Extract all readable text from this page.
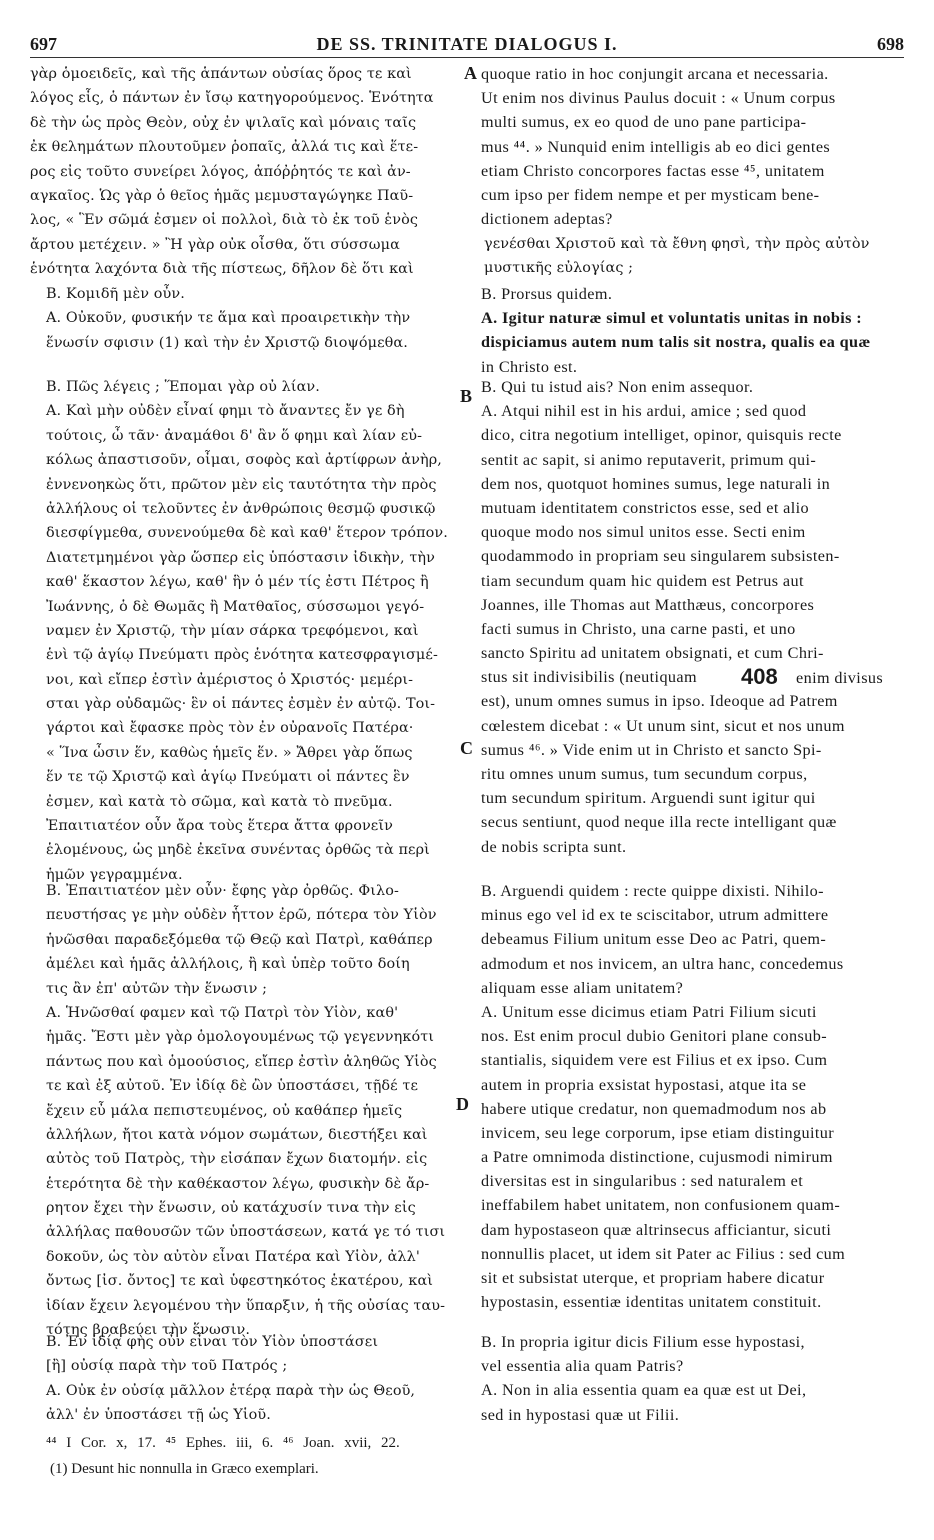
697	DE SS. TRINITATE DIALOGUS I.	698
γὰρ ὁμοειδεῖς, καὶ τῆς ἁπάντων οὐσίας ὅρος τε καὶ
λόγος εἷς, ὁ πάντων ἐν ἴσῳ κατηγορούμενος. Ἑνότητα
δὲ τὴν ὡς πρὸς Θεὸν, οὐχ ἐν ψιλαῖς καὶ μόναις ταῖς
ἐκ θελημάτων πλουτοῦμεν ῥοπαῖς, ἀλλά τις καὶ ἕτε-
ρος εἰς τοῦτο συνείρει λόγος, ἀπόῤῥητός τε καὶ ἀν-
αγκαῖος. Ὡς γὰρ ὁ θεῖος ἡμᾶς μεμυσταγώγηκε Παῦ-
λος, « Ἓν σῶμά ἐσμεν οἱ πολλοὶ, διὰ τὸ ἐκ τοῦ ἑνὸς
ἄρτου μετέχειν. » Ἢ γὰρ οὐκ οἶσθα, ὅτι σύσσωμα
ἑνότητα λαχόντα διὰ τῆς πίστεως, δῆλον δὲ ὅτι καὶ
quoque ratio in hoc conjungit arcana et necessaria.
Ut enim nos divinus Paulus docuit : « Unum corpus
multi sumus, ex eo quod de uno pane participa-
mus ⁴⁴. » Nunquid enim intelligis ab eo dici gentes
etiam Christo concorpores factas esse ⁴⁵, unitatem
cum ipso per fidem nempe et per mysticam bene-
dictionem adeptas?
A
γενέσθαι Χριστοῦ καὶ τὰ ἔθνη φησὶ, τὴν πρὸς αὐτὸν
μυστικῆς εὐλογίας ;
B. Κομιδῆ μὲν οὖν.
A. Οὐκοῦν, φυσικήν τε ἅμα καὶ προαιρετικὴν τὴν
ἕνωσίν σφισιν (1) καὶ τὴν ἐν Χριστῷ διοψόμεθα.
B. Prorsus quidem.
A. Igitur naturæ simul et voluntatis unitas in nobis :
dispiciamus autem num talis sit nostra, qualis ea quæ
in Christo est.
B. Πῶς λέγεις ; Ἕπομαι γὰρ οὐ λίαν.
A. Καὶ μὴν οὐδὲν εἶναί φημι τὸ ἄναντες ἔν γε δὴ
τούτοις, ὦ τᾶν· ἀναμάθοι δ' ἂν ὅ φημι καὶ λίαν εὐ-
κόλως ἀπαστισοῦν, οἶμαι, σοφὸς καὶ ἀρτίφρων ἀνὴρ,
ἐννενοηκὼς ὅτι, πρῶτον μὲν εἰς ταυτότητα τὴν πρὸς
ἀλλήλους οἱ τελοῦντες ἐν ἀνθρώποις θεσμῷ φυσικῷ
διεσφίγμεθα, συνενούμεθα δὲ καὶ καθ' ἕτερον τρόπον.
Διατετμημένοι γὰρ ὥσπερ εἰς ὑπόστασιν ἰδικὴν, τὴν
καθ' ἕκαστον λέγω, καθ' ἣν ὁ μέν τίς ἐστι Πέτρος ἢ
Ἰωάννης, ὁ δὲ Θωμᾶς ἢ Ματθαῖος, σύσσωμοι γεγό-
ναμεν ἐν Χριστῷ, τὴν μίαν σάρκα τρεφόμενοι, καὶ
ἑνὶ τῷ ἁγίῳ Πνεύματι πρὸς ἑνότητα κατεσφραγισμέ-
νοι, καὶ εἴπερ ἐστὶν ἀμέριστος ὁ Χριστός· μεμέρι-
σται γὰρ οὐδαμῶς· ἓν οἱ πάντες ἐσμὲν ἐν αὐτῷ. Τοι-
γάρτοι καὶ ἔφασκε πρὸς τὸν ἐν οὐρανοῖς Πατέρα·
« Ἵνα ὦσιν ἕν, καθὼς ἡμεῖς ἕν. » Ἄθρει γὰρ ὅπως
ἕν τε τῷ Χριστῷ καὶ ἁγίῳ Πνεύματι οἱ πάντες ἓν
ἐσμεν, καὶ κατὰ τὸ σῶμα, καὶ κατὰ τὸ πνεῦμα.
Ἐπαιτιατέον οὖν ἄρα τοὺς ἕτερα ἄττα φρονεῖν
ἑλομένους, ὡς μηδὲ ἐκεῖνα συνέντας ὀρθῶς τὰ περὶ
ἡμῶν γεγραμμένα.
B. Qui tu istud ais? Non enim assequor.
A. Atqui nihil est in his ardui, amice ; sed quod
dico, citra negotium intelliget, opinor, quisquis recte
sentit ac sapit, si animo reputaverit, primum qui-
dem nos, quotquot homines sumus, lege naturali in
mutuam identitatem constrictos esse, sed et alio
quoque modo nos simul unitos esse. Secti enim
quodammodo in propriam seu singularem subsisten-
tiam secundum quam hic quidem est Petrus aut
Joannes, ille Thomas aut Matthæus, concorpores
facti sumus in Christo, una carne pasti, et uno
sancto Spiritu ad unitatem obsignati, et cum Chri-
stus sit indivisibilis (neutiquam
est), unum omnes sumus in ipso. Ideoque ad Patrem
cœlestem dicebat : « Ut unum sint, sicut et nos unum
sumus ⁴⁶. » Vide enim ut in Christo et sancto Spi-
ritu omnes unum sumus, tum secundum corpus,
tum secundum spiritum. Arguendi sunt igitur qui
secus sentiunt, quod neque illa recte intelligant quæ
de nobis scripta sunt.
B
C
408 enim divisus
B. Ἐπαιτιατέον μὲν οὖν· ἔφης γὰρ ὀρθῶς. Φιλο-
πευστήσας γε μὴν οὐδὲν ἧττον ἐρῶ, πότερα τὸν Υἱὸν
ἡνῶσθαι παραδεξόμεθα τῷ Θεῷ καὶ Πατρὶ, καθάπερ
ἀμέλει καὶ ἡμᾶς ἀλλήλοις, ἢ καὶ ὑπὲρ τοῦτο δοίη
τις ἂν ἐπ' αὐτῶν τὴν ἕνωσιν ;
A. Ἡνῶσθαί φαμεν καὶ τῷ Πατρὶ τὸν Υἱὸν, καθ'
ἡμᾶς. Ἔστι μὲν γὰρ ὁμολογουμένως τῷ γεγεννηκότι
πάντως που καὶ ὁμοούσιος, εἴπερ ἐστὶν ἀληθῶς Υἱὸς
τε καὶ ἐξ αὐτοῦ. Ἐν ἰδίᾳ δὲ ὢν ὑποστάσει, τῇδέ τε
ἔχειν εὖ μάλα πεπιστευμένος, οὐ καθάπερ ἡμεῖς
ἀλλήλων, ἤτοι κατὰ νόμον σωμάτων, διεστήξει καὶ
αὐτὸς τοῦ Πατρὸς, τὴν εἰσάπαν ἔχων διατομήν. εἰς
ἑτερότητα δὲ τὴν καθέκαστον λέγω, φυσικὴν δὲ ἄρ-
ρητον ἔχει τὴν ἕνωσιν, οὐ κατάχυσίν τινα τὴν εἰς
ἀλλήλας παθουσῶν τῶν ὑποστάσεων, κατά γε τό τισι
δοκοῦν, ὡς τὸν αὐτὸν εἶναι Πατέρα καὶ Υἱὸν, ἀλλ'
ὄντως [ἰσ. ὄντος] τε καὶ ὑφεστηκότος ἑκατέρου, καὶ
ἰδίαν ἔχειν λεγομένου τὴν ὕπαρξιν, ἡ τῆς οὐσίας ταυ-
τότης βραβεύει τὴν ἕνωσιν.
B. Arguendi quidem : recte quippe dixisti. Nihilo-
minus ego vel id ex te sciscitabor, utrum admittere
debeamus Filium unitum esse Deo ac Patri, quem-
admodum et nos invicem, an ultra hanc, concedemus
aliquam esse aliam unitatem?
A. Unitum esse dicimus etiam Patri Filium sicuti
nos. Est enim procul dubio Genitori plane consub-
stantialis, siquidem vere est Filius et ex ipso. Cum
autem in propria exsistat hypostasi, atque ita se
habere utique credatur, non quemadmodum nos ab
invicem, seu lege corporum, ipse etiam distinguitur
a Patre omnimoda distinctione, cujusmodi nimirum
diversitas est in singularibus : sed naturalem et
ineffabilem habet unitatem, non confusionem quam-
dam hypostaseon quæ altrinsecus afficiantur, sicuti
nonnullis placet, ut idem sit Pater ac Filius : sed cum
sit et subsistat uterque, et propriam habere dicatur
hypostasin, essentiæ identitas unitatem constituit.
D
B. Ἐν ἰδίᾳ φὴς οὖν εἶναι τὸν Υἱὸν ὑποστάσει
[ἢ] οὐσίᾳ παρὰ τὴν τοῦ Πατρός ;
A. Οὐκ ἐν οὐσίᾳ μᾶλλον ἑτέρᾳ παρὰ τὴν ὡς Θεοῦ,
ἀλλ' ἐν ὑποστάσει τῇ ὡς Υἱοῦ.
B. In propria igitur dicis Filium esse hypostasi,
vel essentia alia quam Patris?
A. Non in alia essentia quam ea quæ est ut Dei,
sed in hypostasi quæ ut Filii.
⁴⁴ I Cor. x, 17. ⁴⁵ Ephes. iii, 6. ⁴⁶ Joan. xvii, 22.
(1) Desunt hic nonnulla in Græco exemplari.
